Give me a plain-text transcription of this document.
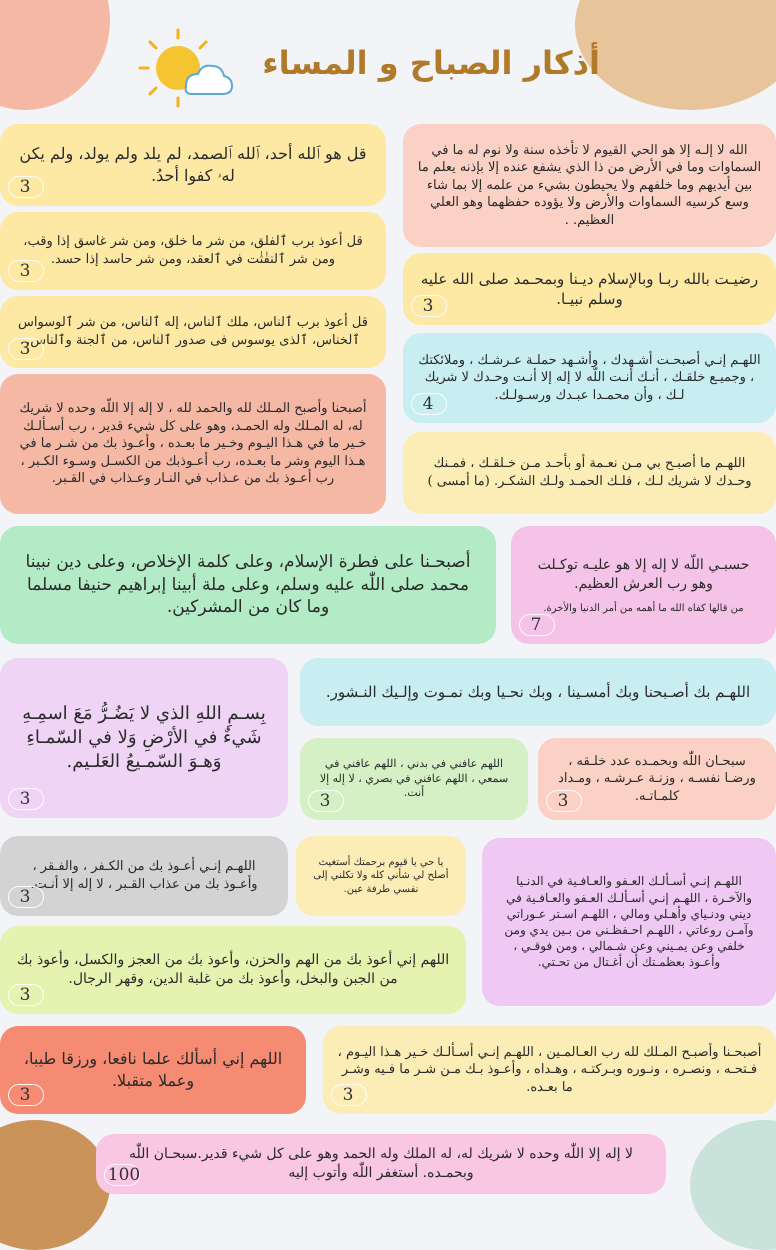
أذكار الصباح و المساء
الله لا إلـه إلا هو الحي القيوم لا تأخذه سنة ولا نوم له ما في السماوات وما في الأرض من ذا الذي يشفع عنده إلا بإذنه يعلم ما بين أيديهم وما خلفهم ولا يحيطون بشيء من علمه إلا بما شاء وسع كرسيه السماوات والأرض ولا يؤوده حفظهما وهو العلي العظيم. .
قل هو ٱلله أحد، ٱلله ٱلصمد، لم يلد ولم يولد، ولم يكن لهۥ كفوا أحدُ.
3
قل أعوذ برب ٱلفلق، من شر ما خلق، ومن شر غاسق إذا وقب، ومن شر ٱلنفٰثٰت في ٱلعقد، ومن شر حاسد إذا حسد.
3	رضيـت بالله ربـا وبالإسلام ديـنا وبمحـمد صلى الله عليه وسلم نبيـا.
3
قل أعوذ برب ٱلناس، ملك ٱلناس، إله ٱلناس، من شر ٱلوسواس ٱلخناس، ٱلذى يوسوس فى صدور ٱلناس، من ٱلجنة وٱلناس.
3
اللهـم إنـي أصبحـت أشـهدك ، وأشـهد حملـة عـرشـك ، وملائكتك ، وجميـع خلقـك ، أنـك أنـت اللّه لا إله إلا أنـت وحـدك لا شريك لـك ، وأن محمـدا عبـدك ورسـولـك.
4
أصبحنا وأصبح المـلك لله والحمد لله ، لا إله إلا اللّه وحده لا شريك له، له المـلك وله الحمـد، وهو على كل شيء قدير ، رب أسـألـك خـير ما في هـذا اليـوم وخـير ما بعـده ، وأعـوذ بك من شـر ما في هـذا اليوم وشر ما بعـده، رب أعـوذبك من الكسـل وسـوء الكـبر ، رب أعـوذ بك من عـذاب في النـار وعـذاب في القـبر.
اللهـم ما أصبـح بي مـن نعـمة أو بأحـد مـن خـلقـك ، فمـنك وحـدك لا شريك لـك ، فلـك الحمـد ولـك الشكـر. (ما أمسى )
أصبحـنا على فطرة الإسلام، وعلى كلمة الإخلاص، وعلى دين نبينا محمد صلى اللّٰه عليه وسلم، وعلى ملة أبينا إبراهيم حنيفا مسلما وما كان من المشركين.
حسبـي اللّه لا إله إلا هو عليـه توكـلت وهو رب العرش العظيم.
من قالها كفاه الله ما أهمه من أمر الدنيا والأخرة.
7
اللهـم بك أصـبحنا وبك أمسـينا ، وبك نحـيا وبك نمـوت وإلـيك النـشور.
بِسـمِ اللهِ الذي لا يَضُـرُّ مَعَ اسمِـهِ شَيءٌ في الأرْضِ وَلا في السّمـاءِ وَهـوَ السّمـيعُ العَلـيم.
3
اللهم عافني في بدني ، اللهم عافني في سمعي ، اللهم عافني في بصري ، لا إله إلا أنت.
3
سبحـان اللّٰه وبحمـده عدد خلـقه ، ورضـا نفسـه ، وزنـة عـرشـه ، ومـداد كلمـاتـه.
3
اللهـم إنـي أعـوذ بك من الكـفر ، والفـقر ، وأعـوذ بك من عذاب القـبر ، لا إله إلا أنـت.
3
يا حي يا قيوم برحمتك أستغيث أصلح لي شأني كله ولا تكلني إلى نفسي طرفة عين.
اللهـم إنـي أسـألـك العـفو والعـافـية في الدنـيا والآخـرة ، اللهـم إنـي أسـألـك العـفو والعـافـية في ديني ودنـياي وأهـلي ومالي ، اللهـم اسـتر عـوراتي وآمـن روعاتي ، اللهـم احـفظـني من بـين يدي ومن خلفي وعن يمـيني وعن شـمالي ، ومن فوقـي ، وأعـوذ بعظمـتك أن أغـتال من تحـتي.
اللهم إني أعوذ بك من الهم والحزن، وأعوذ بك من العجز والكسل، وأعوذ بك من الجبن والبخل، وأعوذ بك من غلبة الدين، وقهر الرجال.
3
اللهم إني أسألك علما نافعا، ورزقا طيبا، وعملا متقبلا.
3
أصبحـنا وأصبـح المـلك لله رب العـالمـين ، اللهـم إنـي أسـألـك خـير هـذا اليـوم ، فـتحـه ، ونصـره ، ونـوره وبـركتـه ، وهـداه ، وأعـوذ بـك مـن شـر ما فـيه وشـر ما بعـده.
3
لا إله إلا اللّٰه وحده لا شريك له، له الملك وله الحمد وهو على كل شيء قدير.سبحـان اللّٰه وبحمـده. أستغفر اللّٰه وأتوب إليه
100
